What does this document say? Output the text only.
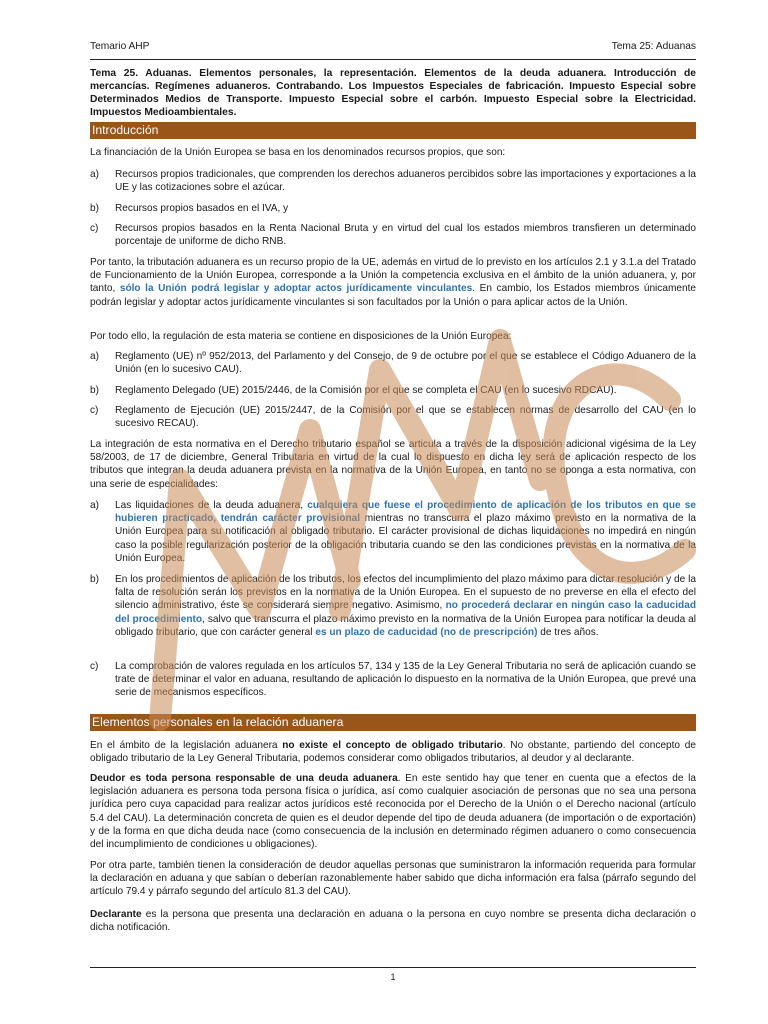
Temario AHP	Tema 25: Aduanas
Tema 25. Aduanas. Elementos personales, la representación. Elementos de la deuda aduanera. Introducción de mercancías. Regímenes aduaneros. Contrabando. Los Impuestos Especiales de fabricación. Impuesto Especial sobre Determinados Medios de Transporte. Impuesto Especial sobre el carbón. Impuesto Especial sobre la Electricidad. Impuestos Medioambientales.
Introducción
La financiación de la Unión Europea se basa en los denominados recursos propios, que son:
a)	Recursos propios tradicionales, que comprenden los derechos aduaneros percibidos sobre las importaciones y exportaciones a la UE y las cotizaciones sobre el azúcar.
b)	Recursos propios basados en el IVA, y
c)	Recursos propios basados en la Renta Nacional Bruta y en virtud del cual los estados miembros transfieren un determinado porcentaje de uniforme de dicho RNB.
Por tanto, la tributación aduanera es un recurso propio de la UE, además en virtud de lo previsto en los artículos 2.1 y 3.1.a del Tratado de Funcionamiento de la Unión Europea, corresponde a la Unión la competencia exclusiva en el ámbito de la unión aduanera, y, por tanto, sólo la Unión podrá legislar y adoptar actos jurídicamente vinculantes. En cambio, los Estados miembros únicamente podrán legislar y adoptar actos jurídicamente vinculantes si son facultados por la Unión o para aplicar actos de la Unión.
Por todo ello, la regulación de esta materia se contiene en disposiciones de la Unión Europea:
a)	Reglamento (UE) nº 952/2013, del Parlamento y del Consejo, de 9 de octubre por el que se establece el Código Aduanero de la Unión (en lo sucesivo CAU).
b)	Reglamento Delegado (UE) 2015/2446, de la Comisión por el que se completa el CAU (en lo sucesivo RDCAU).
c)	Reglamento de Ejecución (UE) 2015/2447, de la Comisión por el que se establecen normas de desarrollo del CAU (en lo sucesivo RECAU).
La integración de esta normativa en el Derecho tributario español se articula a través de la disposición adicional vigésima de la Ley 58/2003, de 17 de diciembre, General Tributaria en virtud de la cual lo dispuesto en dicha ley será de aplicación respecto de los tributos que integran la deuda aduanera prevista en la normativa de la Unión Europea, en tanto no se oponga a esta normativa, con una serie de especialidades:
a)	Las liquidaciones de la deuda aduanera, cualquiera que fuese el procedimiento de aplicación de los tributos en que se hubieren practicado, tendrán carácter provisional mientras no transcurra el plazo máximo previsto en la normativa de la Unión Europea para su notificación al obligado tributario. El carácter provisional de dichas liquidaciones no impedirá en ningún caso la posible regularización posterior de la obligación tributaria cuando se den las condiciones previstas en la normativa de la Unión Europea.
b)	En los procedimientos de aplicación de los tributos, los efectos del incumplimiento del plazo máximo para dictar resolución y de la falta de resolución serán los previstos en la normativa de la Unión Europea. En el supuesto de no preverse en ella el efecto del silencio administrativo, éste se considerará siempre negativo. Asimismo, no procederá declarar en ningún caso la caducidad del procedimiento, salvo que transcurra el plazo máximo previsto en la normativa de la Unión Europea para notificar la deuda al obligado tributario, que con carácter general es un plazo de caducidad (no de prescripción) de tres años.
c)	La comprobación de valores regulada en los artículos 57, 134 y 135 de la Ley General Tributaria no será de aplicación cuando se trate de determinar el valor en aduana, resultando de aplicación lo dispuesto en la normativa de la Unión Europea, que prevé una serie de mecanismos específicos.
Elementos personales en la relación aduanera
En el ámbito de la legislación aduanera no existe el concepto de obligado tributario. No obstante, partiendo del concepto de obligado tributario de la Ley General Tributaria, podemos considerar como obligados tributarios, al deudor y al declarante.
Deudor es toda persona responsable de una deuda aduanera. En este sentido hay que tener en cuenta que a efectos de la legislación aduanera es persona toda persona física o jurídica, así como cualquier asociación de personas que no sea una persona jurídica pero cuya capacidad para realizar actos jurídicos esté reconocida por el Derecho de la Unión o el Derecho nacional (artículo 5.4 del CAU). La determinación concreta de quien es el deudor depende del tipo de deuda aduanera (de importación o de exportación) y de la forma en que dicha deuda nace (como consecuencia de la inclusión en determinado régimen aduanero o como consecuencia del incumplimiento de condiciones u obligaciones).
Por otra parte, también tienen la consideración de deudor aquellas personas que suministraron la información requerida para formular la declaración en aduana y que sabían o deberían razonablemente haber sabido que dicha información era falsa (párrafo segundo del artículo 79.4 y párrafo segundo del artículo 81.3 del CAU).
Declarante es la persona que presenta una declaración en aduana o la persona en cuyo nombre se presenta dicha declaración o dicha notificación.
1
